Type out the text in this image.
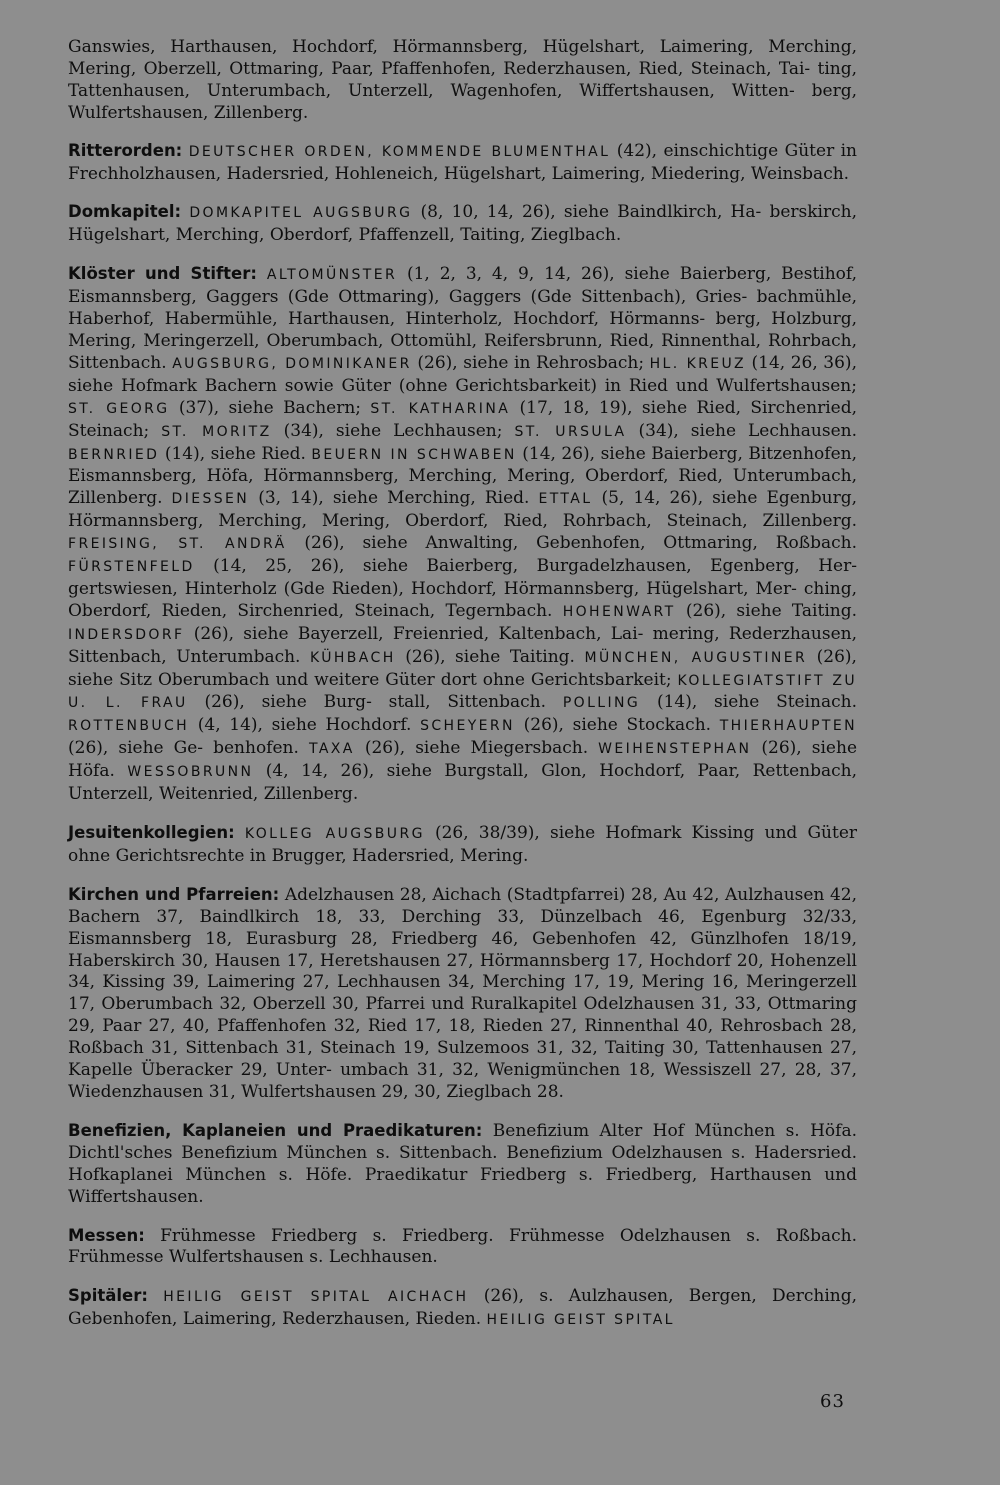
Ganswies, Harthausen, Hochdorf, Hörmannsberg, Hügelshart, Laimering, Merching, Mering, Oberzell, Ottmaring, Paar, Pfaffenhofen, Rederzhausen, Ried, Steinach, Tai- ting, Tattenhausen, Unterumbach, Unterzell, Wagenhofen, Wiffertshausen, Witten- berg, Wulfertshausen, Zillenberg.

Ritterorden: DEUTSCHER ORDEN, KOMMENDE BLUMENTHAL (42), einschichtige Güter in Frechholzhausen, Hadersried, Hohleneich, Hügelshart, Laimering, Miedering, Weinsbach.

Domkapitel: DOMKAPITEL AUGSBURG (8, 10, 14, 26), siehe Baindlkirch, Ha- berskirch, Hügelshart, Merching, Oberdorf, Pfaffenzell, Taiting, Zieglbach.

Klöster und Stifter: ALTOMÜNSTER (1, 2, 3, 4, 9, 14, 26), siehe Baierberg, Bestihof, Eismannsberg, Gaggers (Gde Ottmaring), Gaggers (Gde Sittenbach), Gries- bachmühle, Haberhof, Habermühle, Harthausen, Hinterholz, Hochdorf, Hörmanns- berg, Holzburg, Mering, Meringerzell, Oberumbach, Ottomühl, Reifersbrunn, Ried, Rinnenthal, Rohrbach, Sittenbach. AUGSBURG, DOMINIKANER (26), siehe in Rehrosbach; HL. KREUZ (14, 26, 36), siehe Hofmark Bachern sowie Güter (ohne Gerichtsbarkeit) in Ried und Wulfertshausen; ST. GEORG (37), siehe Bachern; ST. KATHARINA (17, 18, 19), siehe Ried, Sirchenried, Steinach; ST. MORITZ (34), siehe Lechhausen; ST. URSULA (34), siehe Lechhausen. BERNRIED (14), siehe Ried. BEUERN IN SCHWABEN (14, 26), siehe Baierberg, Bitzenhofen, Eismannsberg, Höfa, Hörmannsberg, Merching, Mering, Oberdorf, Ried, Unterumbach, Zillenberg. DIESSEN (3, 14), siehe Merching, Ried. ETTAL (5, 14, 26), siehe Egenburg, Hörmannsberg, Merching, Mering, Oberdorf, Ried, Rohrbach, Steinach, Zillenberg. FREISING, ST. ANDRÄ (26), siehe Anwalting, Gebenhofen, Ottmaring, Roßbach. FÜRSTENFELD (14, 25, 26), siehe Baierberg, Burgadelzhausen, Egenberg, Her- gertswiesen, Hinterholz (Gde Rieden), Hochdorf, Hörmannsberg, Hügelshart, Mer- ching, Oberdorf, Rieden, Sirchenried, Steinach, Tegernbach. HOHENWART (26), siehe Taiting. INDERSDORF (26), siehe Bayerzell, Freienried, Kaltenbach, Lai- mering, Rederzhausen, Sittenbach, Unterumbach. KÜHBACH (26), siehe Taiting. MÜNCHEN, AUGUSTINER (26), siehe Sitz Oberumbach und weitere Güter dort ohne Gerichtsbarkeit; KOLLEGIATSTIFT ZU U. L. FRAU (26), siehe Burg- stall, Sittenbach. POLLING (14), siehe Steinach. ROTTENBUCH (4, 14), siehe Hochdorf. SCHEYERN (26), siehe Stockach. THIERHAUPTEN (26), siehe Ge- benhofen. TAXA (26), siehe Miegersbach. WEIHENSTEPHAN (26), siehe Höfa. WESSOBRUNN (4, 14, 26), siehe Burgstall, Glon, Hochdorf, Paar, Rettenbach, Unterzell, Weitenried, Zillenberg.

Jesuitenkollegien: KOLLEG AUGSBURG (26, 38/39), siehe Hofmark Kissing und Güter ohne Gerichtsrechte in Brugger, Hadersried, Mering.

Kirchen und Pfarreien: Adelzhausen 28, Aichach (Stadtpfarrei) 28, Au 42, Aulzhausen 42, Bachern 37, Baindlkirch 18, 33, Derching 33, Dünzelbach 46, Egenburg 32/33, Eismannsberg 18, Eurasburg 28, Friedberg 46, Gebenhofen 42, Günzlhofen 18/19, Haberskirch 30, Hausen 17, Heretshausen 27, Hörmannsberg 17, Hochdorf 20, Hohenzell 34, Kissing 39, Laimering 27, Lechhausen 34, Merching 17, 19, Mering 16, Meringerzell 17, Oberumbach 32, Oberzell 30, Pfarrei und Ruralkapitel Odelzhausen 31, 33, Ottmaring 29, Paar 27, 40, Pfaffenhofen 32, Ried 17, 18, Rieden 27, Rinnenthal 40, Rehrosbach 28, Roßbach 31, Sittenbach 31, Steinach 19, Sulzemoos 31, 32, Taiting 30, Tattenhausen 27, Kapelle Überacker 29, Unter- umbach 31, 32, Wenigmünchen 18, Wessiszell 27, 28, 37, Wiedenzhausen 31, Wulfertshausen 29, 30, Zieglbach 28.

Benefizien, Kaplaneien und Praedikaturen: Benefizium Alter Hof München s. Höfa. Dichtl'sches Benefizium München s. Sittenbach. Benefizium Odelzhausen s. Hadersried. Hofkaplanei München s. Höfe. Praedikatur Friedberg s. Friedberg, Harthausen und Wiffertshausen.

Messen: Frühmesse Friedberg s. Friedberg. Frühmesse Odelzhausen s. Roßbach. Frühmesse Wulfertshausen s. Lechhausen.

Spitäler: HEILIG GEIST SPITAL AICHACH (26), s. Aulzhausen, Bergen, Derching, Gebenhofen, Laimering, Rederzhausen, Rieden. HEILIG GEIST SPITAL

63
